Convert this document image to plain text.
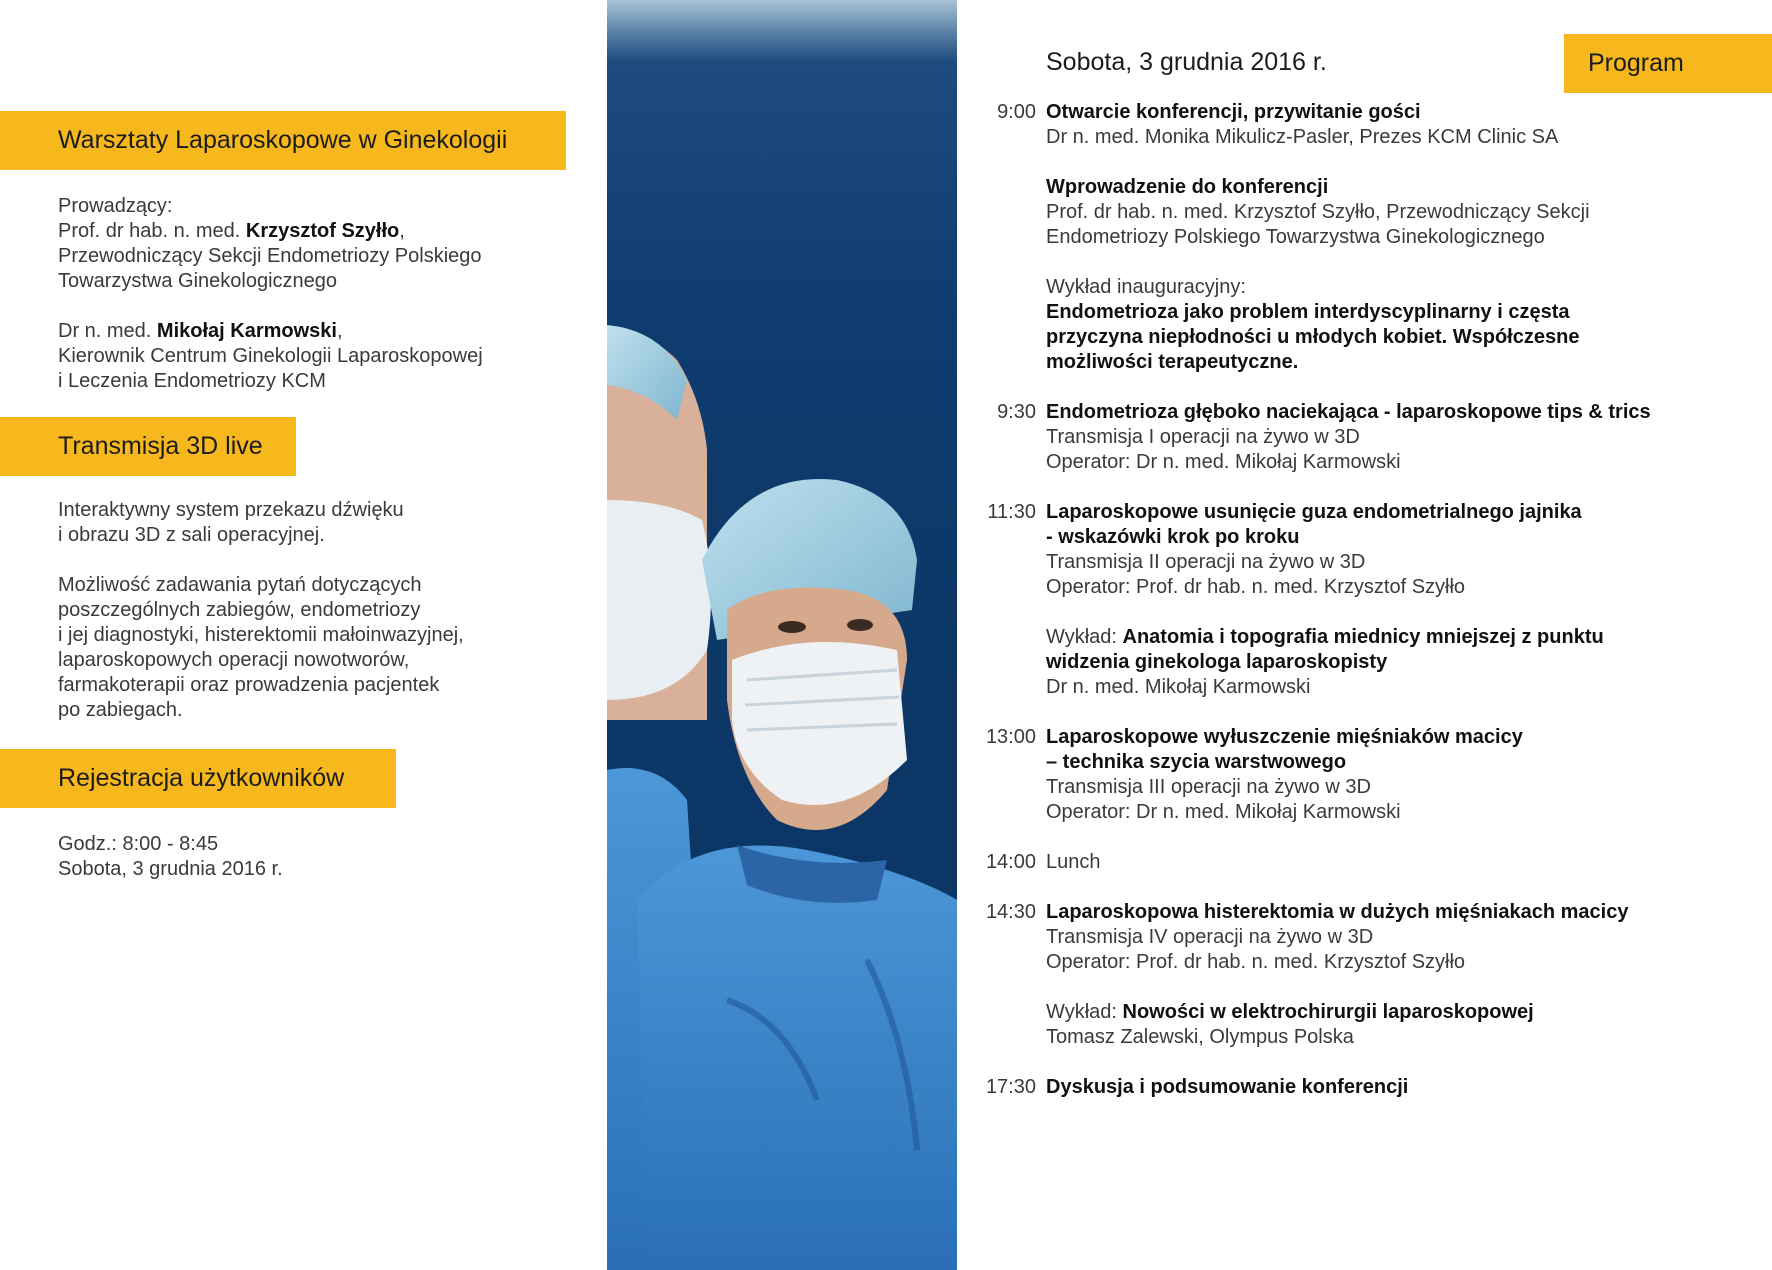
Warsztaty Laparoskopowe w Ginekologii

Prowadzący:

Prof. dr hab. n. med. Krzysztof Szyłło,

Przewodniczący Sekcji Endometriozy Polskiego

Towarzystwa Ginekologicznego

Dr n. med. Mikołaj Karmowski,

Kierownik Centrum Ginekologii Laparoskopowej

i Leczenia Endometriozy KCM

Transmisja 3D live

Interaktywny system przekazu dźwięku

i obrazu 3D z sali operacyjnej.

Możliwość zadawania pytań dotyczących

poszczególnych zabiegów, endometriozy

i jej diagnostyki, histerektomii małoinwazyjnej,

laparoskopowych operacji nowotworów,

farmakoterapii oraz prowadzenia pacjentek

po zabiegach.

Rejestracja użytkowników

Godz.: 8:00 - 8:45

Sobota, 3 grudnia 2016 r.

Program
Sobota, 3 grudnia 2016 r.
9:00 Otwarcie konferencji, przywitanie gości

Dr n. med. Monika Mikulicz-Pasler, Prezes KCM Clinic SA

Wprowadzenie do konferencji

Prof. dr hab. n. med. Krzysztof Szyłło, Przewodniczący Sekcji

Endometriozy Polskiego Towarzystwa Ginekologicznego

Wykład inauguracyjny:

Endometrioza jako problem interdyscyplinarny i częsta

przyczyna niepłodności u młodych kobiet. Współczesne

możliwości terapeutyczne.

9:30 Endometrioza głęboko naciekająca - laparoskopowe tips & trics

Transmisja I operacji na żywo w 3D

Operator: Dr n. med. Mikołaj Karmowski

11:30 Laparoskopowe usunięcie guza endometrialnego jajnika

- wskazówki krok po kroku

Transmisja II operacji na żywo w 3D

Operator: Prof. dr hab. n. med. Krzysztof Szyłło

Wykład: Anatomia i topografia miednicy mniejszej z punktu

widzenia ginekologa laparoskopisty

Dr n. med. Mikołaj Karmowski

13:00 Laparoskopowe wyłuszczenie mięśniaków macicy

– technika szycia warstwowego

Transmisja III operacji na żywo w 3D

Operator: Dr n. med. Mikołaj Karmowski

14:00 Lunch

14:30 Laparoskopowa histerektomia w dużych mięśniakach macicy

Transmisja IV operacji na żywo w 3D

Operator: Prof. dr hab. n. med. Krzysztof Szyłło

Wykład: Nowości w elektrochirurgii laparoskopowej

Tomasz Zalewski, Olympus Polska

17:30 Dyskusja i podsumowanie konferencji
